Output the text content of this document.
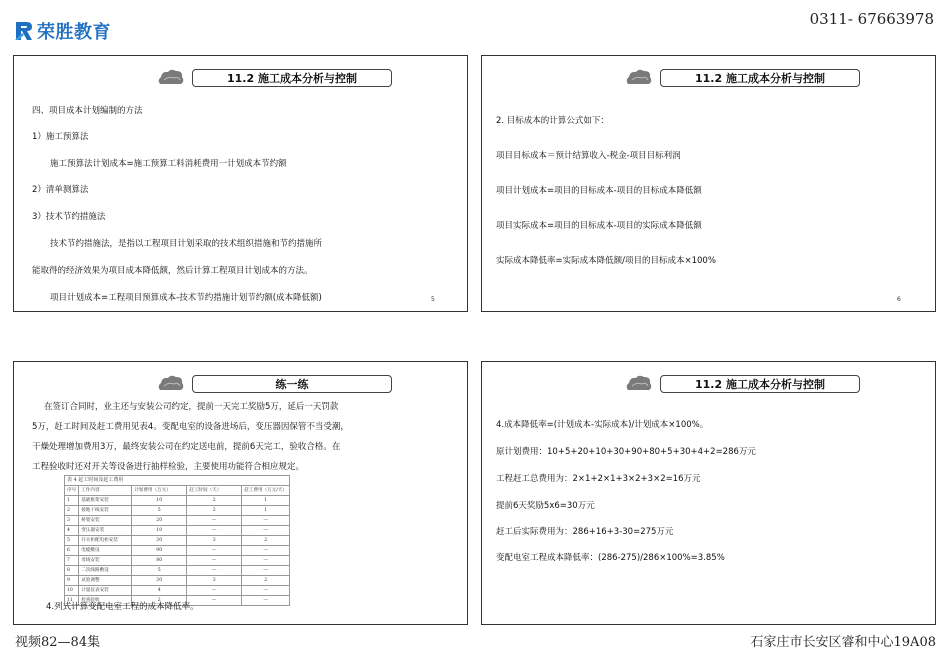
荣胜教育
0311- 67663978
11.2 施工成本分析与控制
四、项目成本计划编制的方法
1）施工预算法
施工预算法计划成本=施工预算工料消耗费用一计划成本节约额
2）清单测算法
3）技术节约措施法
技术节约措施法，是指以工程项目计划采取的技术组织措施和节约措施所
能取得的经济效果为项目成本降低额，然后计算工程项目计划成本的方法。
项目计划成本=工程项目预算成本-技术节约措施计划节约额(成本降低额)	5
11.2 施工成本分析与控制
2. 目标成本的计算公式如下：
项目目标成本＝预计结算收入-税金-项目目标利润
项目计划成本=项目的目标成本-项目的目标成本降低额
项目实际成本=项目的目标成本-项目的实际成本降低额
实际成本降低率=实际成本降低额/项目的目标成本×100%
6
练一练
在签订合同时，业主还与安装公司约定，提前一天完工奖励5万，延后一天罚款
5万，赶工时间及赶工费用见表4。变配电室的设备进场后，变压器因保管不当受潮，
干燥处理增加费用3万，最终安装公司在约定送电前，提前6天完工，验收合格。在
工程验收时还对开关等设备进行抽样检验，主要使用功能符合相应规定。
表 4 赶工时间及赶工费用				
序号	工作内容	计划费用（万元）	赶工时间（天）	赶工费用（万元/天）
1	基础框架安装	10	2	1
2	接地干线安装	5	2	1
3	桥架安装	20	—	—
4	变压器安装	10	—	—
5	开关柜配电柜安装	30	3	2
6	电缆敷设	90	—	—
7	母线安装	80	—	—
8	二次线路敷设	5	—	—
9	试验调整	30	3	2
10	计量仪表安装	4	—	—
11	检查验收	2	—	—
4.列式计算变配电室工程的成本降低率。
11.2 施工成本分析与控制
4.成本降低率=(计划成本-实际成本)/计划成本×100%。
原计划费用：10+5+20+10+30+90+80+5+30+4+2=286万元
工程赶工总费用为：2×1+2×1+3×2+3×2=16万元
提前6天奖励5x6=30万元
赶工后实际费用为：286+16+3-30=275万元
变配电室工程成本降低率：(286-275)/286×100%=3.85%
视频82—84集	石家庄市长安区睿和中心19A08
